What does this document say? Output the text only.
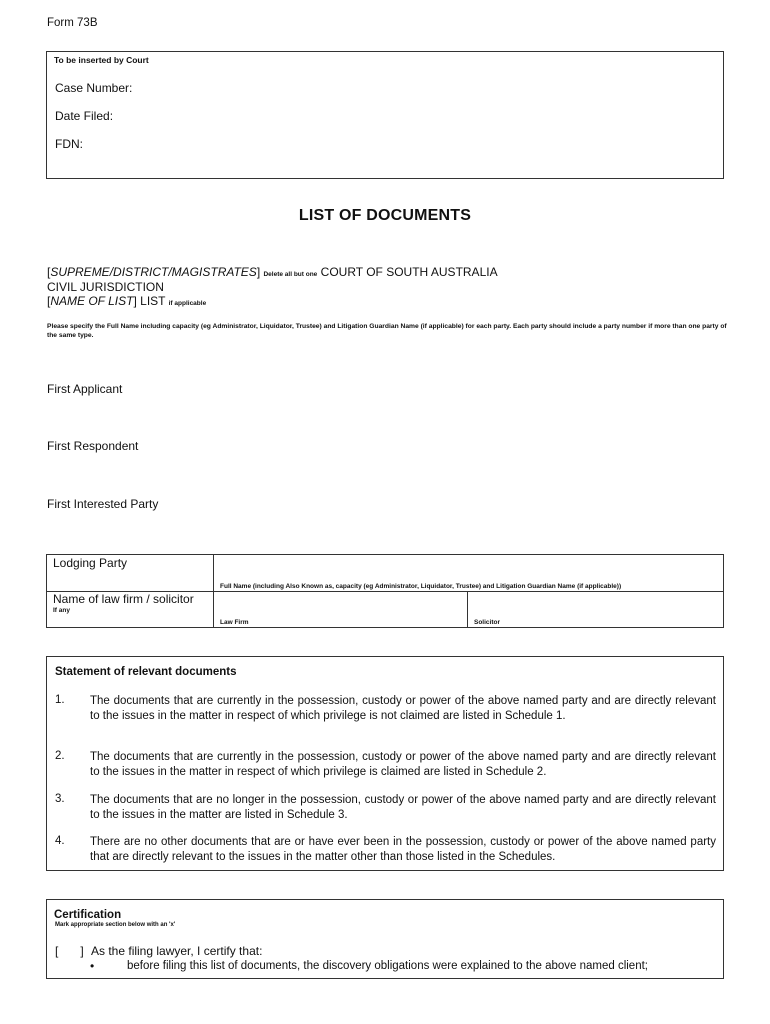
Form 73B
To be inserted by Court
Case Number:
Date Filed:
FDN:
LIST OF DOCUMENTS
[SUPREME/DISTRICT/MAGISTRATES] Delete all but one COURT OF SOUTH AUSTRALIA
CIVIL JURISDICTION
[NAME OF LIST] LIST if applicable
Please specify the Full Name including capacity (eg Administrator, Liquidator, Trustee) and Litigation Guardian Name (if applicable) for each party. Each party should include a party number if more than one party of the same type.
First Applicant
First Respondent
First Interested Party
Lodging Party
Full Name (including Also Known as, capacity (eg Administrator, Liquidator, Trustee) and Litigation Guardian Name (if applicable))
Name of law firm / solicitor
If any
Law Firm	Solicitor
Statement of relevant documents
1. The documents that are currently in the possession, custody or power of the above named party and are directly relevant to the issues in the matter in respect of which privilege is not claimed are listed in Schedule 1.
2. The documents that are currently in the possession, custody or power of the above named party and are directly relevant to the issues in the matter in respect of which privilege is claimed are listed in Schedule 2.
3. The documents that are no longer in the possession, custody or power of the above named party and are directly relevant to the issues in the matter are listed in Schedule 3.
4. There are no other documents that are or have ever been in the possession, custody or power of the above named party that are directly relevant to the issues in the matter other than those listed in the Schedules.
Certification
Mark appropriate section below with an 'x'
[ ] As the filing lawyer, I certify that:
•	before filing this list of documents, the discovery obligations were explained to the above named client;
